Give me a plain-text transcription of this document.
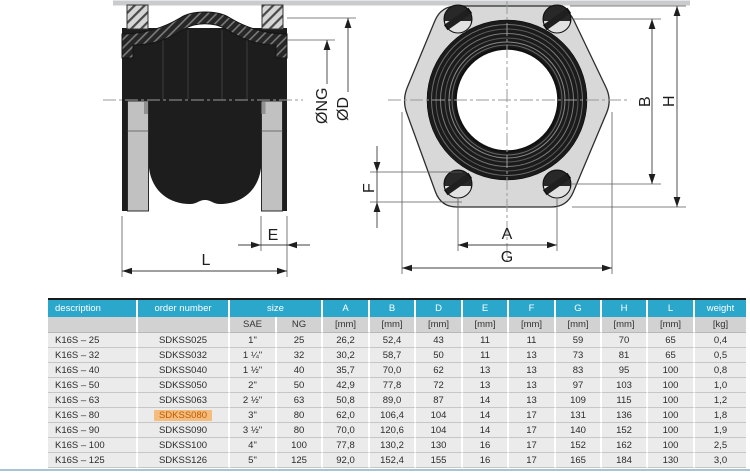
ØD
ØNG
E
L
F
A
G
B H
description	order number	size	A	B	D	E	F	G	H	L	weight
SAE	NG	[mm]	[mm]	[mm]	[mm]	[mm]	[mm]	[mm]	[mm]	[kg]
K16S – 25	SDKSS025	1"	25	26,2	52,4	43	11	11	59	70	65	0,4
K16S – 32	SDKSS032	1 ¼"	32	30,2	58,7	50	11	13	73	81	65	0,5
K16S – 40	SDKSS040	1 ½"	40	35,7	70,0	62	13	13	83	95	100	0,8
K16S – 50	SDKSS050	2"	50	42,9	77,8	72	13	13	97	103	100	1,0
K16S – 63	SDKSS063	2 ½"	63	50,8	89,0	87	14	13	109	115	100	1,2
K16S – 80	SDKSS080	3"	80	62,0	106,4	104	14	17	131	136	100	1,8
K16S – 90	SDKSS090	3 ½"	80	70,0	120,6	104	14	17	140	152	100	1,9
K16S – 100	SDKSS100	4"	100	77,8	130,2	130	16	17	152	162	100	2,5
K16S – 125	SDKSS126	5"	125	92,0	152,4	155	16	17	165	184	130	3,0
